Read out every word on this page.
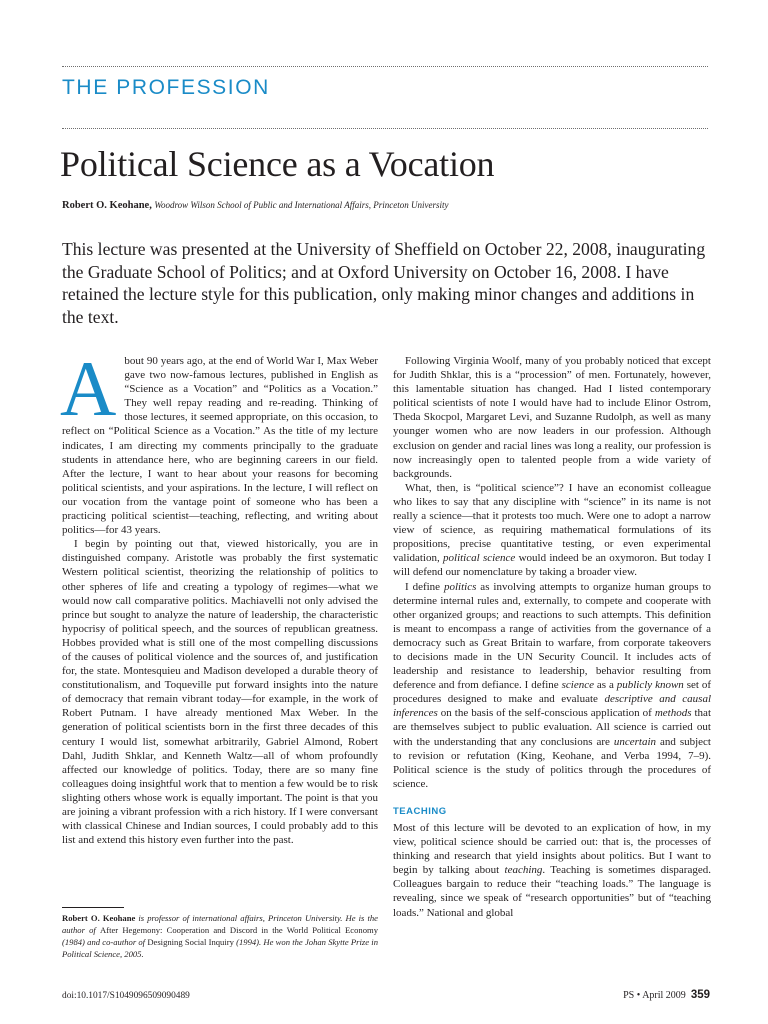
THE PROFESSION
Political Science as a Vocation
Robert O. Keohane, Woodrow Wilson School of Public and International Affairs, Princeton University
This lecture was presented at the University of Sheffield on October 22, 2008, inaugurating the Graduate School of Politics; and at Oxford University on October 16, 2008. I have retained the lecture style for this publication, only making minor changes and additions in the text.

About 90 years ago, at the end of World War I, Max Weber gave two now-famous lectures, published in English as “Science as a Vocation” and “Politics as a Vocation.” They well repay reading and re-reading. Thinking of those lectures, it seemed appropriate, on this occasion, to reflect on “Political Science as a Vocation.” As the title of my lecture indicates, I am directing my comments principally to the graduate students in attendance here, who are beginning careers in our field. After the lecture, I want to hear about your reasons for becoming political scientists, and your aspirations. In the lecture, I will reflect on our vocation from the vantage point of someone who has been a practicing political scientist—teaching, reflecting, and writing about politics—for 43 years.

I begin by pointing out that, viewed historically, you are in distinguished company. Aristotle was probably the first systematic Western political scientist, theorizing the relationship of politics to other spheres of life and creating a typology of regimes—what we would now call comparative politics. Machiavelli not only advised the prince but sought to analyze the nature of leadership, the characteristic hypocrisy of political speech, and the sources of republican greatness. Hobbes provided what is still one of the most compelling discussions of the causes of political violence and the sources of, and justification for, the state. Montesquieu and Madison developed a durable theory of constitutionalism, and Toqueville put forward insights into the nature of democracy that remain vibrant today—for example, in the work of Robert Putnam. I have already mentioned Max Weber. In the generation of political scientists born in the first three decades of this century I would list, somewhat arbitrarily, Gabriel Almond, Robert Dahl, Judith Shklar, and Kenneth Waltz—all of whom profoundly affected our knowledge of politics. Today, there are so many fine colleagues doing insightful work that to mention a few would be to risk slighting others whose work is equally important. The point is that you are joining a vibrant profession with a rich history. If I were conversant with classical Chinese and Indian sources, I could probably add to this list and extend this history even further into the past.

Following Virginia Woolf, many of you probably noticed that except for Judith Shklar, this is a “procession” of men. Fortunately, however, this lamentable situation has changed. Had I listed contemporary political scientists of note I would have had to include Elinor Ostrom, Theda Skocpol, Margaret Levi, and Suzanne Rudolph, as well as many younger women who are now leaders in our profession. Although exclusion on gender and racial lines was long a reality, our profession is now increasingly open to talented people from a wide variety of backgrounds.

What, then, is “political science”? I have an economist colleague who likes to say that any discipline with “science” in its name is not really a science—that it protests too much. Were one to adopt a narrow view of science, as requiring mathematical formulations of its propositions, precise quantitative testing, or even experimental validation, political science would indeed be an oxymoron. But today I will defend our nomenclature by taking a broader view.

I define politics as involving attempts to organize human groups to determine internal rules and, externally, to compete and cooperate with other organized groups; and reactions to such attempts. This definition is meant to encompass a range of activities from the governance of a democracy such as Great Britain to warfare, from corporate takeovers to decisions made in the UN Security Council. It includes acts of leadership and resistance to leadership, behavior resulting from deference and from defiance. I define science as a publicly known set of procedures designed to make and evaluate descriptive and causal inferences on the basis of the self-conscious application of methods that are themselves subject to public evaluation. All science is carried out with the understanding that any conclusions are uncertain and subject to revision or refutation (King, Keohane, and Verba 1994, 7–9). Political science is the study of politics through the procedures of science.

TEACHING

Most of this lecture will be devoted to an explication of how, in my view, political science should be carried out: that is, the processes of thinking and research that yield insights about politics. But I want to begin by talking about teaching. Teaching is sometimes disparaged. Colleagues bargain to reduce their “teaching loads.” The language is revealing, since we speak of “research opportunities” but of “teaching loads.” National and global

Robert O. Keohane is professor of international affairs, Princeton University. He is the author of After Hegemony: Cooperation and Discord in the World Political Economy (1984) and co-author of Designing Social Inquiry (1994). He won the Johan Skytte Prize in Political Science, 2005.
doi:10.1017/S1049096509090489	PS • April 2009 359
